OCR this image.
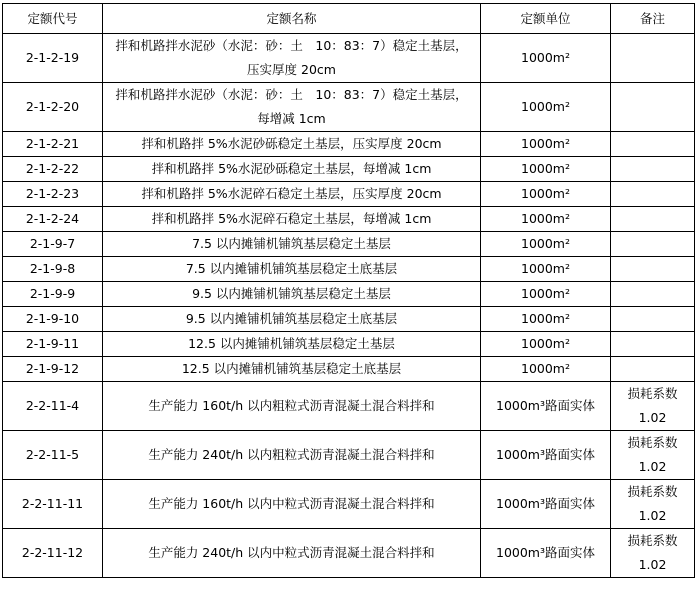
定额代号	定额名称	定额单位	备注
2-1-2-19	拌和机路拌水泥砂（水泥：砂：土　10：83：7）稳定土基层，压实厚度 20cm	1000m²	
2-1-2-20	拌和机路拌水泥砂（水泥：砂：土　10：83：7）稳定土基层，每增减 1cm	1000m²	
2-1-2-21	拌和机路拌 5%水泥砂砾稳定土基层，压实厚度 20cm	1000m²	
2-1-2-22	拌和机路拌 5%水泥砂砾稳定土基层，每增减 1cm	1000m²	
2-1-2-23	拌和机路拌 5%水泥碎石稳定土基层，压实厚度 20cm	1000m²	
2-1-2-24	拌和机路拌 5%水泥碎石稳定土基层，每增减 1cm	1000m²	
2-1-9-7	7.5 以内摊铺机铺筑基层稳定土基层	1000m²	
2-1-9-8	7.5 以内摊铺机铺筑基层稳定土底基层	1000m²	
2-1-9-9	9.5 以内摊铺机铺筑基层稳定土基层	1000m²	
2-1-9-10	9.5 以内摊铺机铺筑基层稳定土底基层	1000m²	
2-1-9-11	12.5 以内摊铺机铺筑基层稳定土基层	1000m²	
2-1-9-12	12.5 以内摊铺机铺筑基层稳定土底基层	1000m²	
2-2-11-4	生产能力 160t/h 以内粗粒式沥青混凝土混合料拌和	1000m³路面实体	损耗系数 1.02
2-2-11-5	生产能力 240t/h 以内粗粒式沥青混凝土混合料拌和	1000m³路面实体	损耗系数 1.02
2-2-11-11	生产能力 160t/h 以内中粒式沥青混凝土混合料拌和	1000m³路面实体	损耗系数 1.02
2-2-11-12	生产能力 240t/h 以内中粒式沥青混凝土混合料拌和	1000m³路面实体	损耗系数 1.02
